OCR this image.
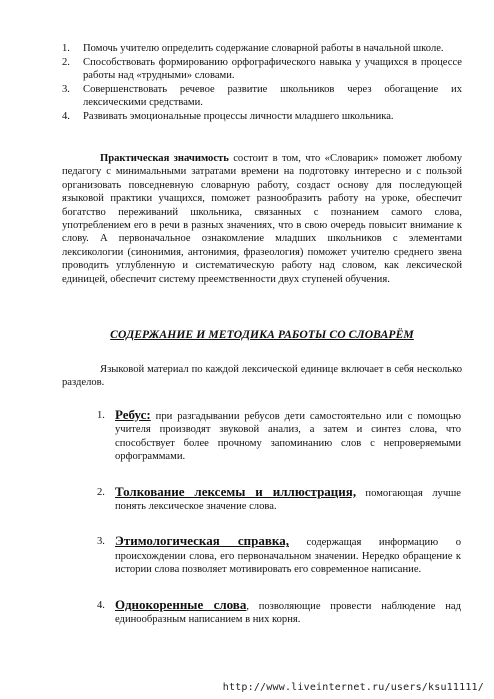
1. Помочь учителю определить содержание словарной работы в начальной школе.
2. Способствовать формированию орфографического навыка у учащихся в процессе работы над «трудными» словами.
3. Совершенствовать речевое развитие школьников через обогащение их лексическими средствами.
4. Развивать эмоциональные процессы личности младшего школьника.

Практическая значимость состоит в том, что «Словарик» поможет любому педагогу с минимальными затратами времени на подготовку интересно и с пользой организовать повседневную словарную работу, создаст основу для последующей языковой практики учащихся, поможет разнообразить работу на уроке, обеспечит богатство переживаний школьника, связанных с познанием самого слова, употреблением его в речи в разных значениях, что в свою очередь повысит внимание к слову. А первоначальное ознакомление младших школьников с элементами лексикологии (синонимия, антонимия, фразеология) поможет учителю среднего звена проводить углубленную и систематическую работу над словом, как лексической единицей, обеспечит систему преемственности двух ступеней обучения.

СОДЕРЖАНИЕ И МЕТОДИКА РАБОТЫ СО СЛОВАРЁМ

Языковой материал по каждой лексической единице включает в себя несколько разделов.

1. Ребус: при разгадывании ребусов дети самостоятельно или с помощью учителя производят звуковой анализ, а затем и синтез слова, что способствует более прочному запоминанию слов с непроверяемыми орфограммами.
2. Толкование лексемы и иллюстрация, помогающая лучше понять лексическое значение слова.
3. Этимологическая справка, содержащая информацию о происхождении слова, его первоначальном значении. Нередко обращение к истории слова позволяет мотивировать его современное написание.
4. Однокоренные слова, позволяющие провести наблюдение над единообразным написанием в них корня.
http://www.liveinternet.ru/users/ksu11111/
